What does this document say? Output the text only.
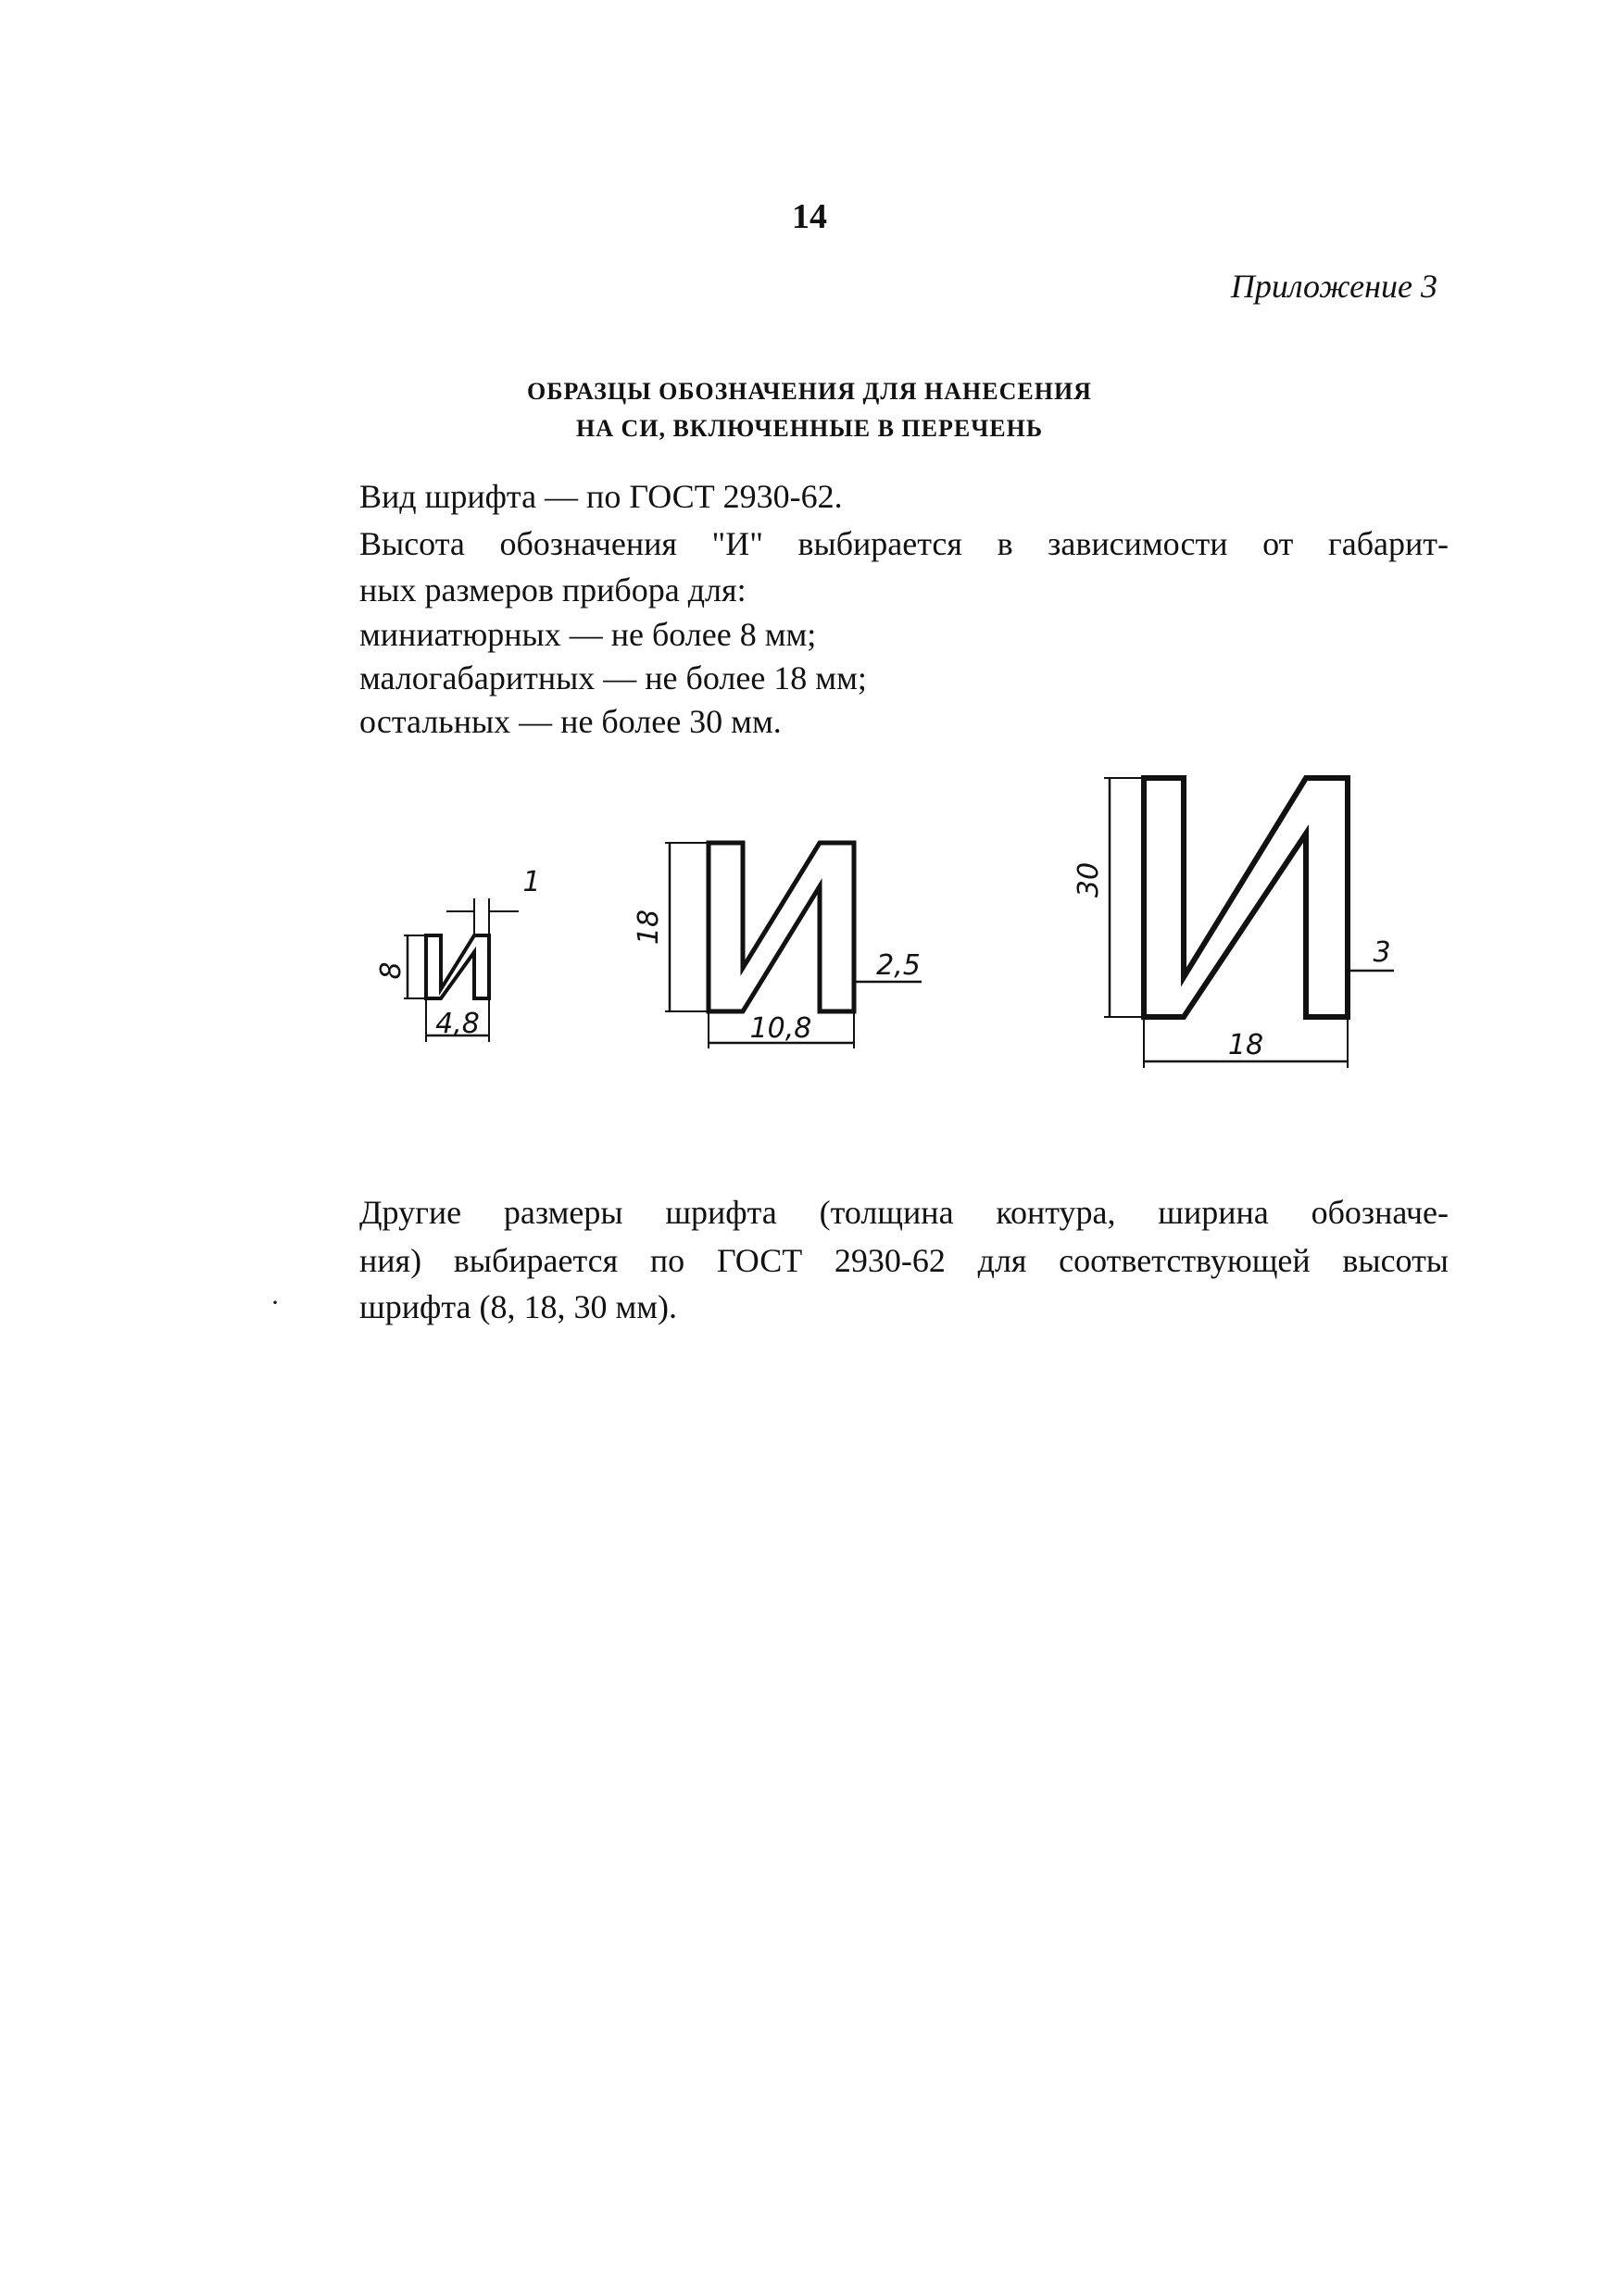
14
Приложение 3
ОБРАЗЦЫ ОБОЗНАЧЕНИЯ ДЛЯ НАНЕСЕНИЯ
НА СИ, ВКЛЮЧЕННЫЕ В ПЕРЕЧЕНЬ
Вид шрифта — по ГОСТ 2930-62.
Высота обозначения "И" выбирается в зависимости от габарит-
ных размеров прибора для:
миниатюрных — не более 8 мм;
малогабаритных — не более 18 мм;
остальных — не более 30 мм.
8
4,8
1
18
10,8
2,5
30
18
3
·
Другие размеры шрифта (толщина контура, ширина обозначе-
ния) выбирается по ГОСТ 2930-62 для соответствующей высоты
шрифта (8, 18, 30 мм).
